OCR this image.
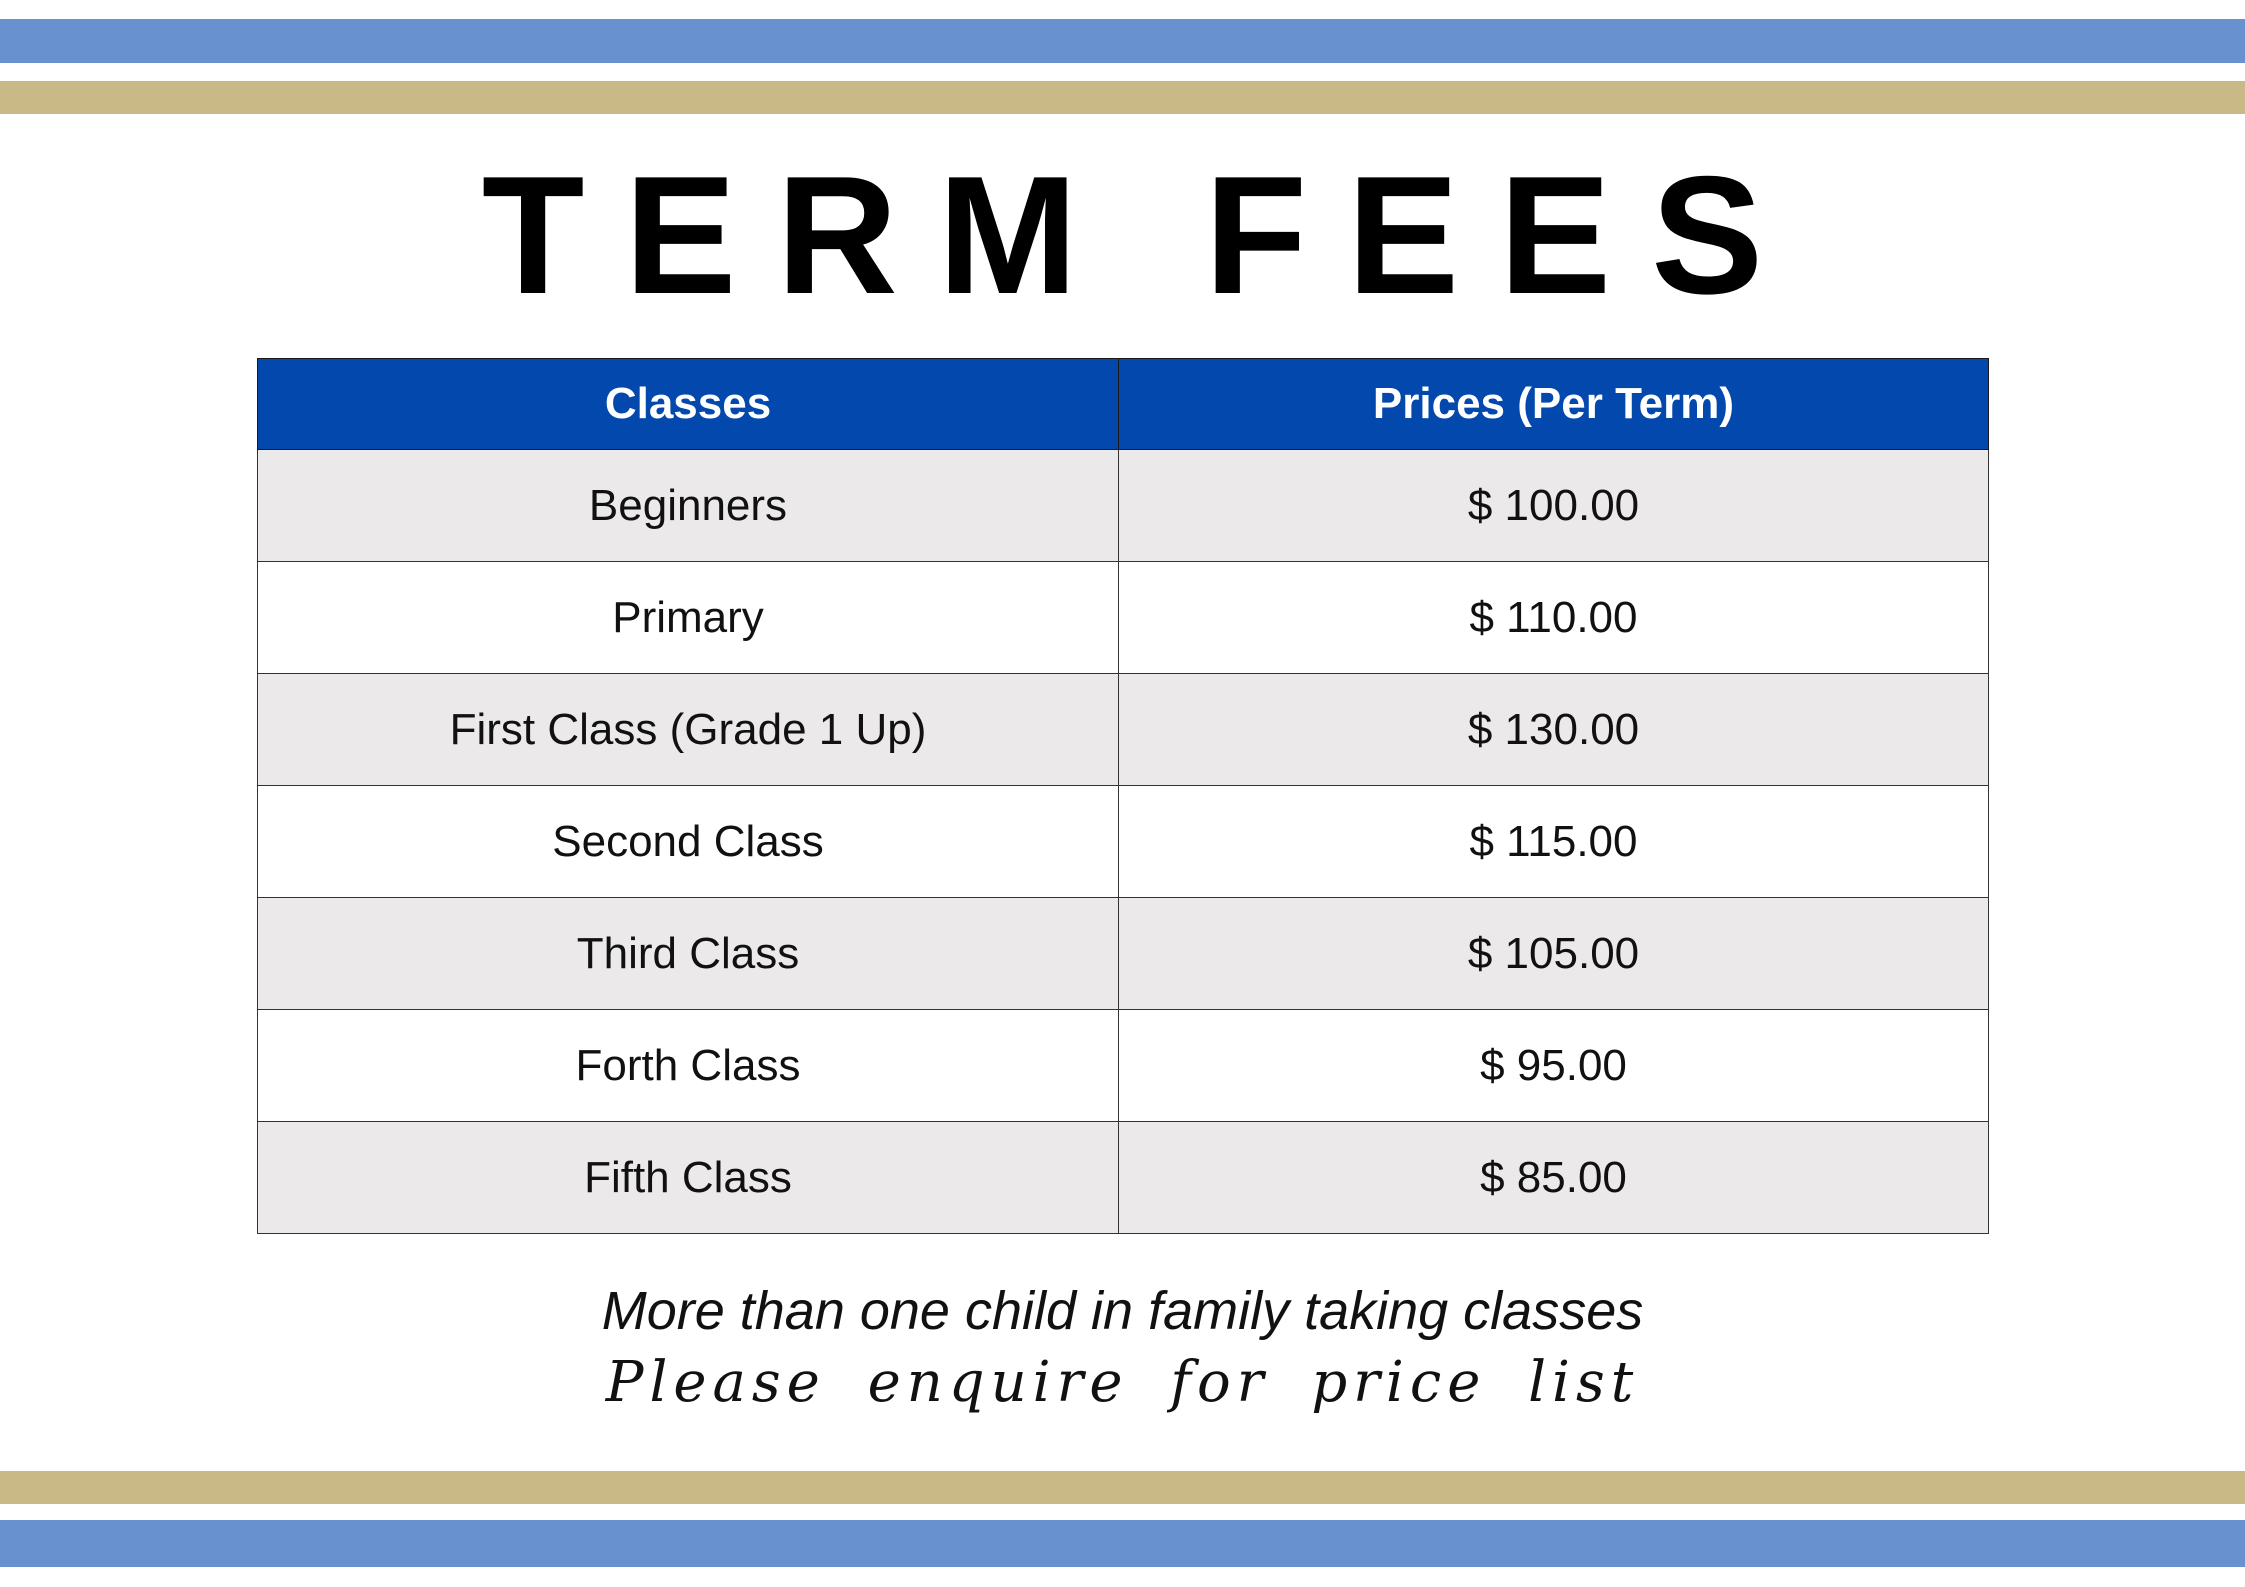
TERM FEES
Classes	Prices (Per Term)
Beginners	$ 100.00
Primary	$ 110.00
First Class (Grade 1 Up)	$ 130.00
Second Class	$ 115.00
Third Class	$ 105.00
Forth Class	$ 95.00
Fifth Class	$ 85.00
More than one child in family taking classes
Please enquire for price list
